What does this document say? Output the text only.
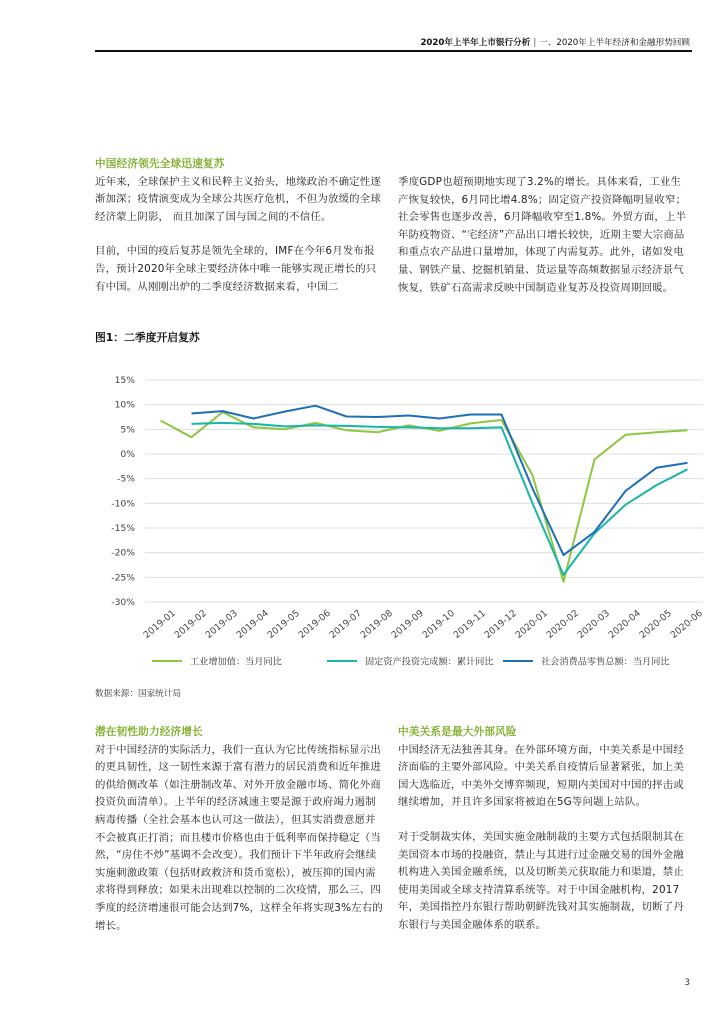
2020年上半年上市银行分析 | 一、2020年上半年经济和金融形势回顾

中国经济领先全球迅速复苏

近年来，全球保护主义和民粹主义抬头，地缘政治不确定性逐渐加深；疫情演变成为全球公共医疗危机，不但为放缓的全球经济蒙上阴影， 而且加深了国与国之间的不信任。

目前，中国的疫后复苏是领先全球的，IMF在今年6月发布报告，预计2020年全球主要经济体中唯一能够实现正增长的只有中国。从刚刚出炉的二季度经济数据来看，中国二

季度GDP也超预期地实现了3.2%的增长。具体来看，工业生产恢复较快，6月同比增4.8%；固定资产投资降幅明显收窄；社会零售也逐步改善，6月降幅收窄至1.8%。外贸方面，上半年防疫物资、“宅经济”产品出口增长较快，近期主要大宗商品和重点农产品进口量增加，体现了内需复苏。此外，诸如发电量、钢铁产量、挖掘机销量、货运量等高频数据显示经济景气恢复，铁矿石高需求反映中国制造业复苏及投资周期回暖。

图1：二季度开启复苏
15%
10%
5%
0%
-5%
-10%
-15%
-20%
-25%
-30%
2019-01
2019-02
2019-03
2019-04
2019-05
2019-06
2019-07
2019-08
2019-09
2019-10
2019-11
2019-12
2020-01
2020-02
2020-03
2020-04
2020-05
2020-06
工业增加值：当月同比	固定资产投资完成额：累计同比	社会消费品零售总额：当月同比
数据来源：国家统计局

潜在韧性助力经济增长

对于中国经济的实际活力，我们一直认为它比传统指标显示出的更具韧性，这一韧性来源于富有潜力的居民消费和近年推进的供给侧改革（如注册制改革、对外开放金融市场、简化外商投资负面清单）。上半年的经济减速主要是源于政府竭力遏制病毒传播（全社会基本也认可这一做法），但其实消费意愿并不会被真正打消；而且楼市价格也由于低利率而保持稳定（当然，“房住不炒”基调不会改变）。我们预计下半年政府会继续实施刺激政策（包括财政救济和货币宽松），被压抑的国内需求将得到释放；如果未出现难以控制的二次疫情，那么三、四季度的经济增速很可能会达到7%，这样全年将实现3%左右的增长。

中美关系是最大外部风险

中国经济无法独善其身。在外部环境方面，中美关系是中国经济面临的主要外部风险。中美关系自疫情后显著紧张，加上美国大选临近，中美外交博弈频现，短期内美国对中国的抨击或继续增加，并且许多国家将被迫在5G等问题上站队。

对于受制裁实体，美国实施金融制裁的主要方式包括限制其在美国资本市场的投融资，禁止与其进行过金融交易的国外金融机构进入美国金融系统，以及切断美元获取能力和渠道，禁止使用美国或全球支持清算系统等。对于中国金融机构，2017年，美国指控丹东银行帮助朝鲜洗钱对其实施制裁，切断了丹东银行与美国金融体系的联系。

3
